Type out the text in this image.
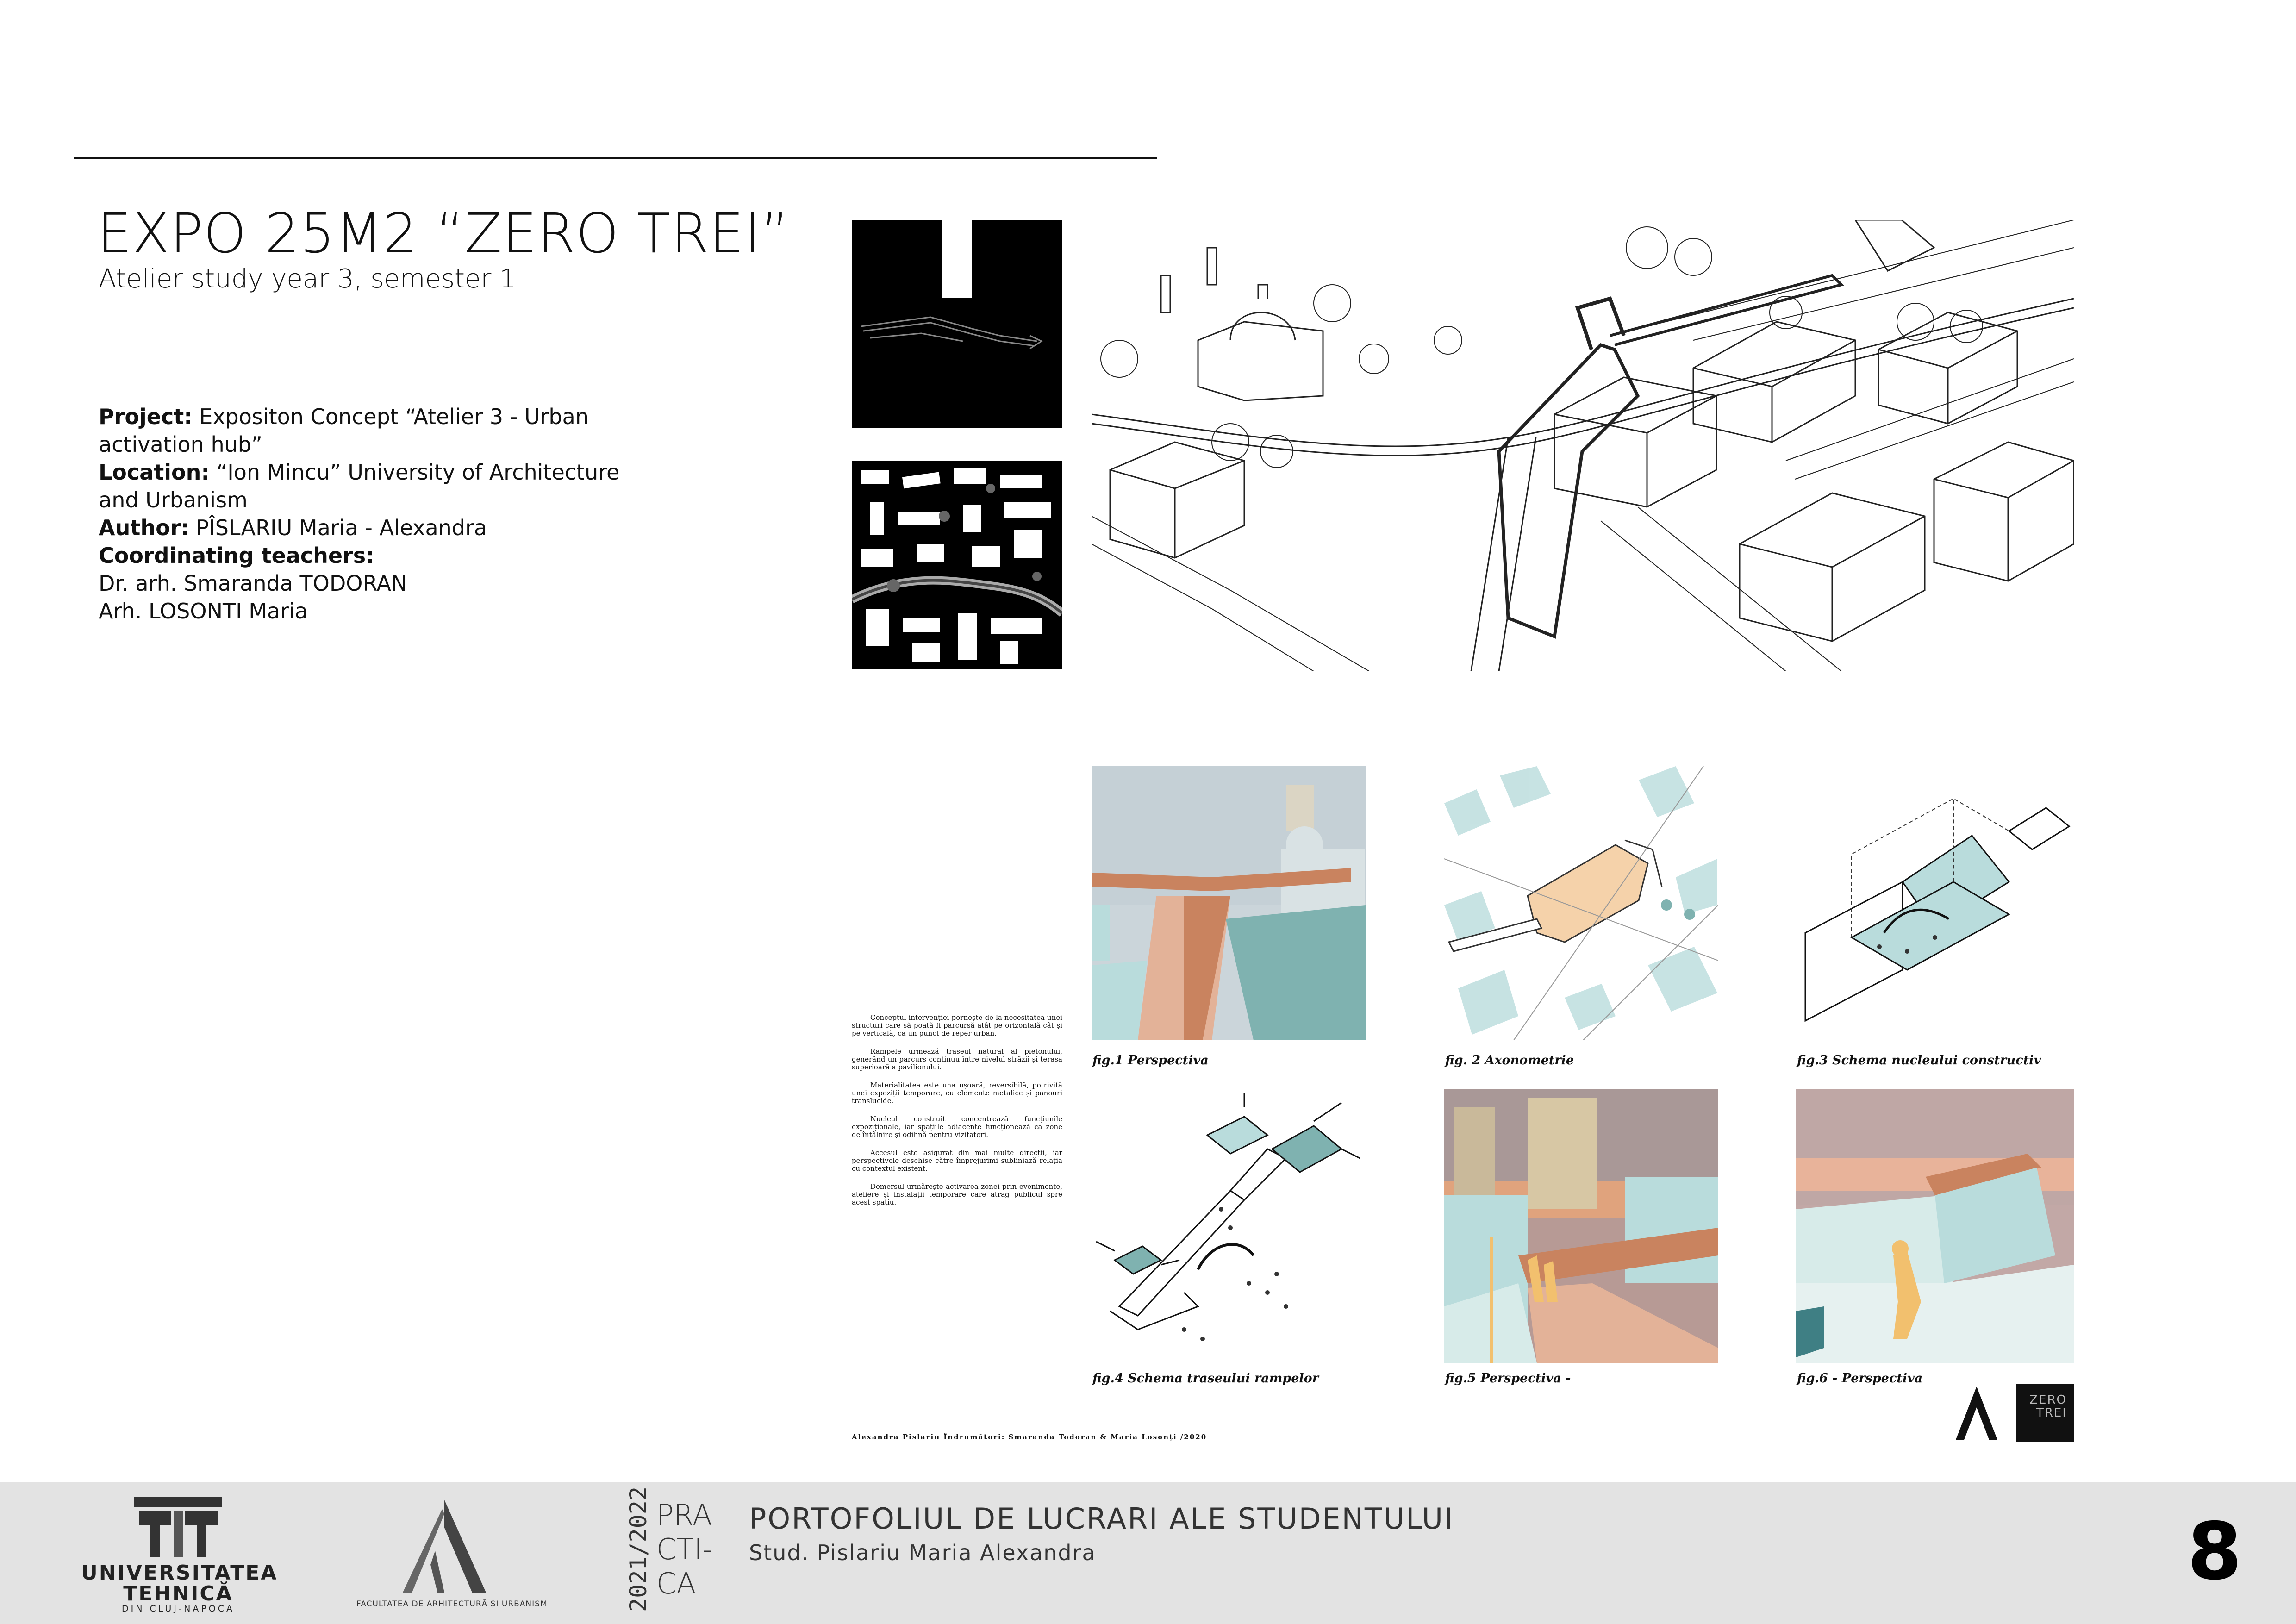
EXPO 25M2 “ZERO TREI”
Atelier study year 3, semester 1
Project: Expositon Concept “Atelier 3 - Urban activation hub”
Location: “Ion Mincu” University of Architecture and Urbanism
Author: PÎSLARIU Maria - Alexandra
Coordinating teachers:
Dr. arh. Smaranda TODORAN
Arh. LOSONTI Maria
fig.1 Perspectiva	fig. 2 Axonometrie	fig.3 Schema nucleului constructiv

Conceptul intervenției pornește de la necesitatea unei structuri care să poată fi parcursă atât pe orizontală cât și pe verticală, ca un punct de reper urban.

Rampele urmează traseul natural al pietonului, generând un parcurs continuu între nivelul străzii și terasa superioară a pavilionului.

Materialitatea este una ușoară, reversibilă, potrivită unei expoziții temporare, cu elemente metalice și panouri translucide.

Nucleul construit concentrează funcțiunile expoziționale, iar spațiile adiacente funcționează ca zone de întâlnire și odihnă pentru vizitatori.

Accesul este asigurat din mai multe direcții, iar perspectivele deschise către împrejurimi subliniază relația cu contextul existent.

Demersul urmărește activarea zonei prin evenimente, ateliere și instalații temporare care atrag publicul spre acest spațiu.

fig.4 Schema traseului rampelor	fig.5 Perspectiva -	fig.6 - Perspectiva
Alexandra Pislariu Îndrumători: Smaranda Todoran & Maria Losonți /2020
ZERO TREI
UNIVERSITATEA
TEHNICĂ
DIN CLUJ-NAPOCA	FACULTATEA DE ARHITECTURĂ ȘI URBANISM	2021/2022 PRA
CTI-
CA
PORTOFOLIUL DE LUCRARI ALE STUDENTULUI
Stud. Pislariu Maria Alexandra	8
